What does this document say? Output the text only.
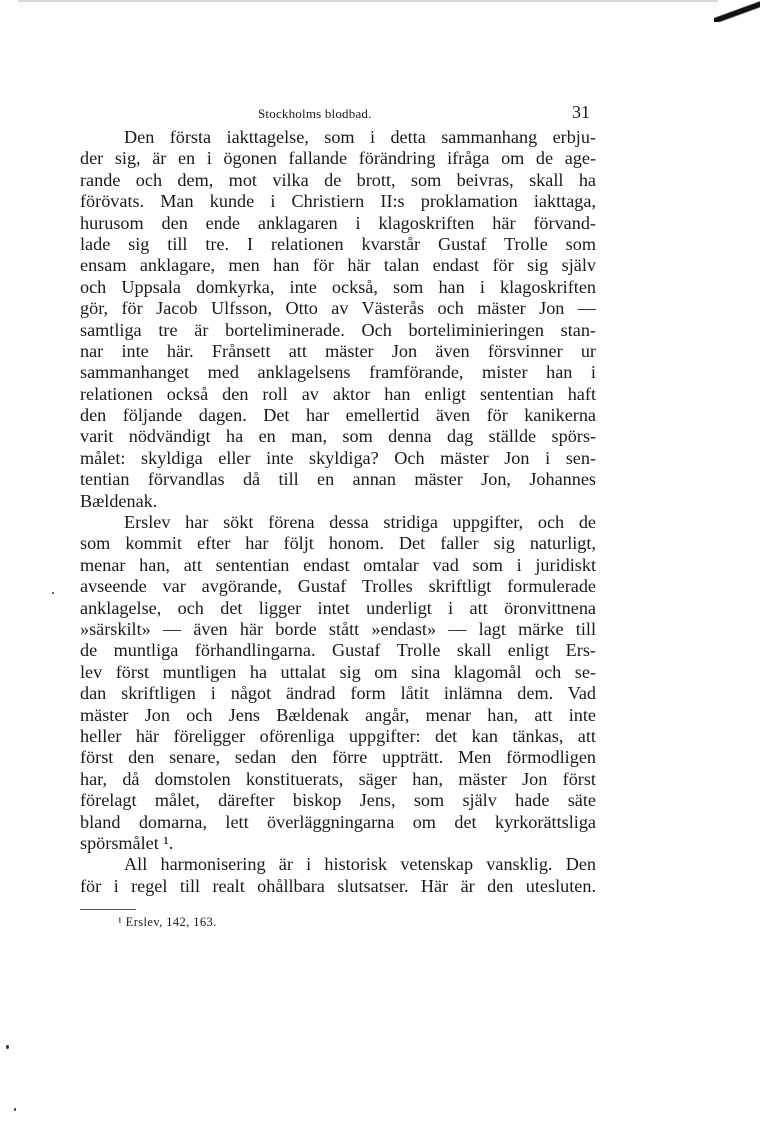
Stockholms blodbad.	31
Den första iakttagelse, som i detta sammanhang erbju-
der sig, är en i ögonen fallande förändring ifråga om de age-
rande och dem, mot vilka de brott, som beivras, skall ha
förövats. Man kunde i Christiern II:s proklamation iakttaga,
hurusom den ende anklagaren i klagoskriften här förvand-
lade sig till tre. I relationen kvarstår Gustaf Trolle som
ensam anklagare, men han för här talan endast för sig själv
och Uppsala domkyrka, inte också, som han i klagoskriften
gör, för Jacob Ulfsson, Otto av Västerås och mäster Jon —
samtliga tre är borteliminerade. Och borteliminieringen stan-
nar inte här. Frånsett att mäster Jon även försvinner ur
sammanhanget med anklagelsens framförande, mister han i
relationen också den roll av aktor han enligt sententian haft
den följande dagen. Det har emellertid även för kanikerna
varit nödvändigt ha en man, som denna dag ställde spörs-
målet: skyldiga eller inte skyldiga? Och mäster Jon i sen-
tentian förvandlas då till en annan mäster Jon, Johannes
Bældenak.
Erslev har sökt förena dessa stridiga uppgifter, och de
som kommit efter har följt honom. Det faller sig naturligt,
menar han, att sententian endast omtalar vad som i juridiskt
avseende var avgörande, Gustaf Trolles skriftligt formulerade
anklagelse, och det ligger intet underligt i att öronvittnena
»särskilt» — även här borde stått »endast» — lagt märke till
de muntliga förhandlingarna. Gustaf Trolle skall enligt Ers-
lev först muntligen ha uttalat sig om sina klagomål och se-
dan skriftligen i något ändrad form låtit inlämna dem. Vad
mäster Jon och Jens Bældenak angår, menar han, att inte
heller här föreligger oförenliga uppgifter: det kan tänkas, att
först den senare, sedan den förre uppträtt. Men förmodligen
har, då domstolen konstituerats, säger han, mäster Jon först
förelagt målet, därefter biskop Jens, som själv hade säte
bland domarna, lett överläggningarna om det kyrkorättsliga
spörsmålet ¹.
All harmonisering är i historisk vetenskap vansklig. Den
för i regel till realt ohållbara slutsatser. Här är den utesluten.
¹ Erslev, 142, 163.
